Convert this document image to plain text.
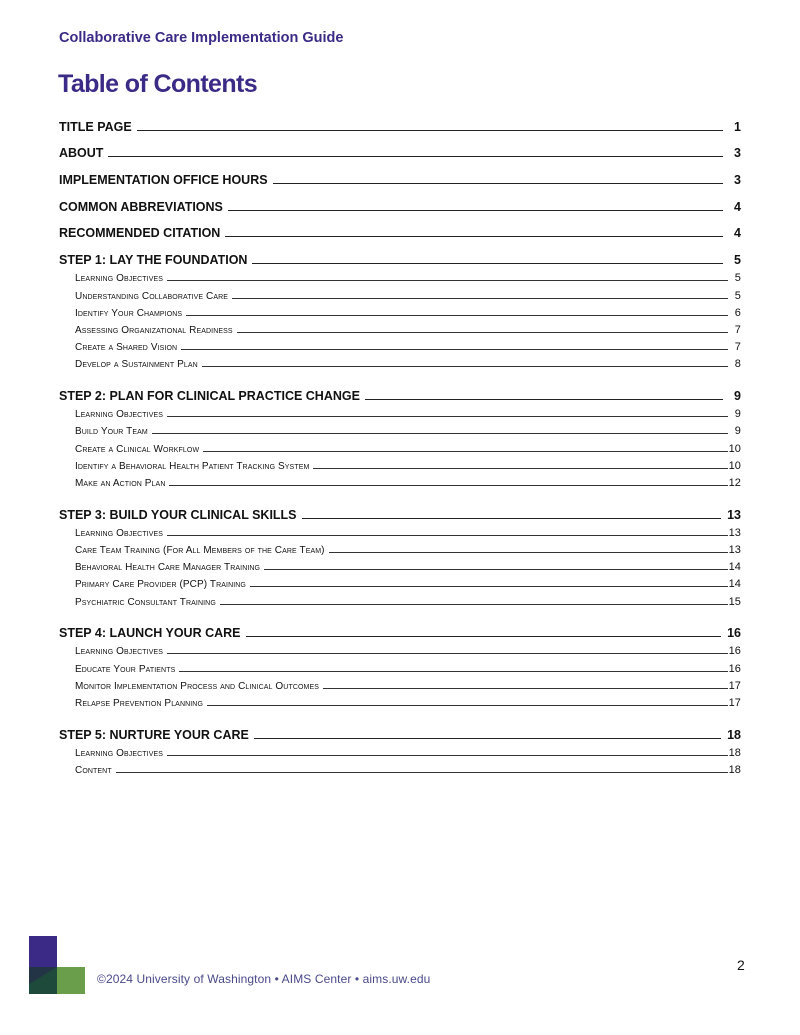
Collaborative Care Implementation Guide
Table of Contents
TITLE PAGE	1
ABOUT	3
IMPLEMENTATION OFFICE HOURS	3
COMMON ABBREVIATIONS	4
RECOMMENDED CITATION	4
STEP 1: LAY THE FOUNDATION	5
Learning Objectives	5
Understanding Collaborative Care	5
Identify Your Champions	6
Assessing Organizational Readiness	7
Create a Shared Vision	7
Develop a Sustainment Plan	8
STEP 2: PLAN FOR CLINICAL PRACTICE CHANGE	9
Learning Objectives	9
Build Your Team	9
Create a Clinical Workflow	10
Identify a Behavioral Health Patient Tracking System	10
Make an Action Plan	12
STEP 3: BUILD YOUR CLINICAL SKILLS	13
Learning Objectives	13
Care Team Training (For All Members of the Care Team)	13
Behavioral Health Care Manager Training	14
Primary Care Provider (PCP) Training	14
Psychiatric Consultant Training	15
STEP 4: LAUNCH YOUR CARE	16
Learning Objectives	16
Educate Your Patients	16
Monitor Implementation Process and Clinical Outcomes	17
Relapse Prevention Planning	17
STEP 5: NURTURE YOUR CARE	18
Learning Objectives	18
Content	18
©2024 University of Washington • AIMS Center • aims.uw.edu
2
